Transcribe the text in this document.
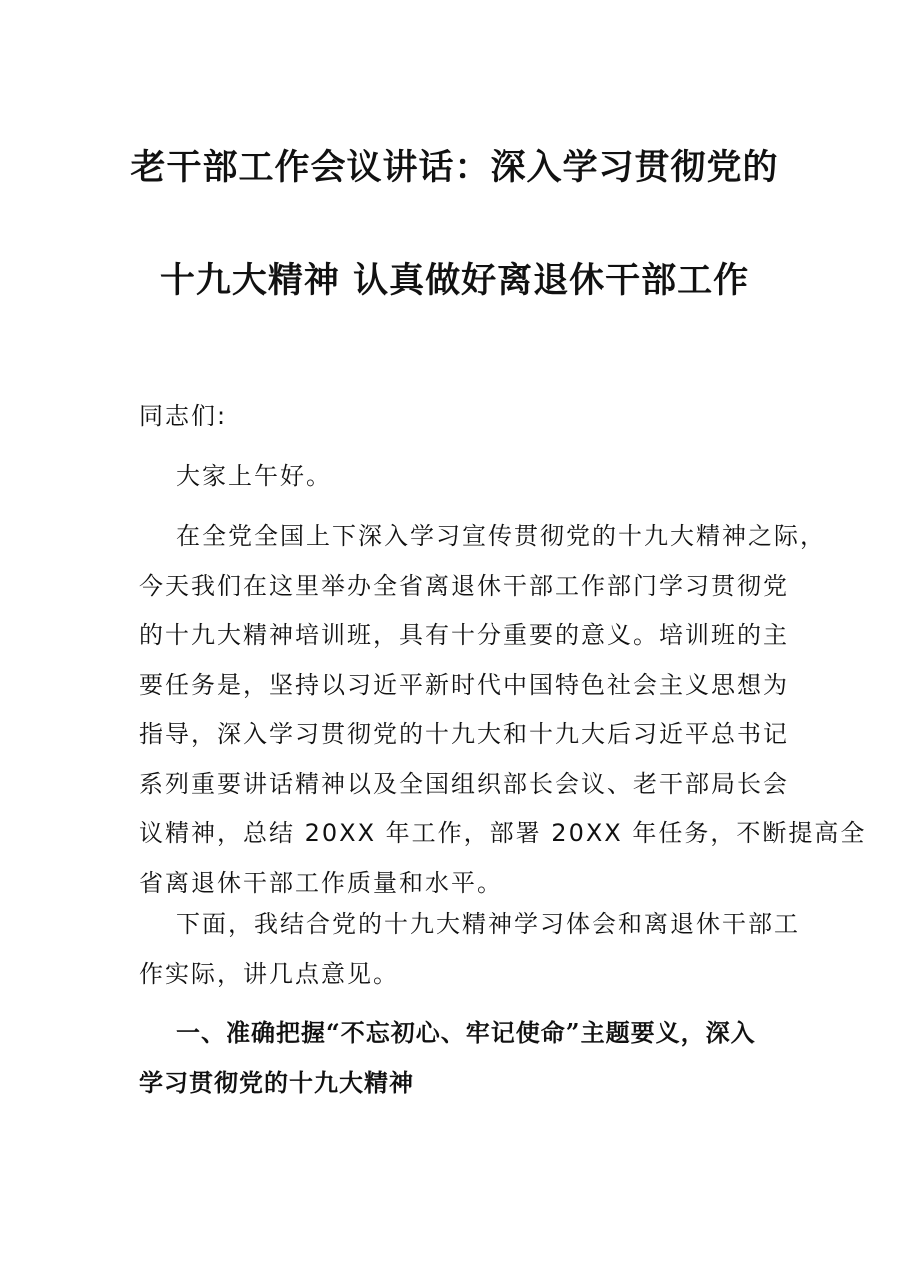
老干部工作会议讲话：深入学习贯彻党的
十九大精神 认真做好离退休干部工作
同志们:
大家上午好。
在全党全国上下深入学习宣传贯彻党的十九大精神之际，
今天我们在这里举办全省离退休干部工作部门学习贯彻党
的十九大精神培训班，具有十分重要的意义。培训班的主
要任务是，坚持以习近平新时代中国特色社会主义思想为
指导，深入学习贯彻党的十九大和十九大后习近平总书记
系列重要讲话精神以及全国组织部长会议、老干部局长会
议精神，总结 20XX 年工作，部署 20XX 年任务，不断提高全
省离退休干部工作质量和水平。
下面，我结合党的十九大精神学习体会和离退休干部工
作实际，讲几点意见。
一、准确把握“不忘初心、牢记使命”主题要义，深入
学习贯彻党的十九大精神
